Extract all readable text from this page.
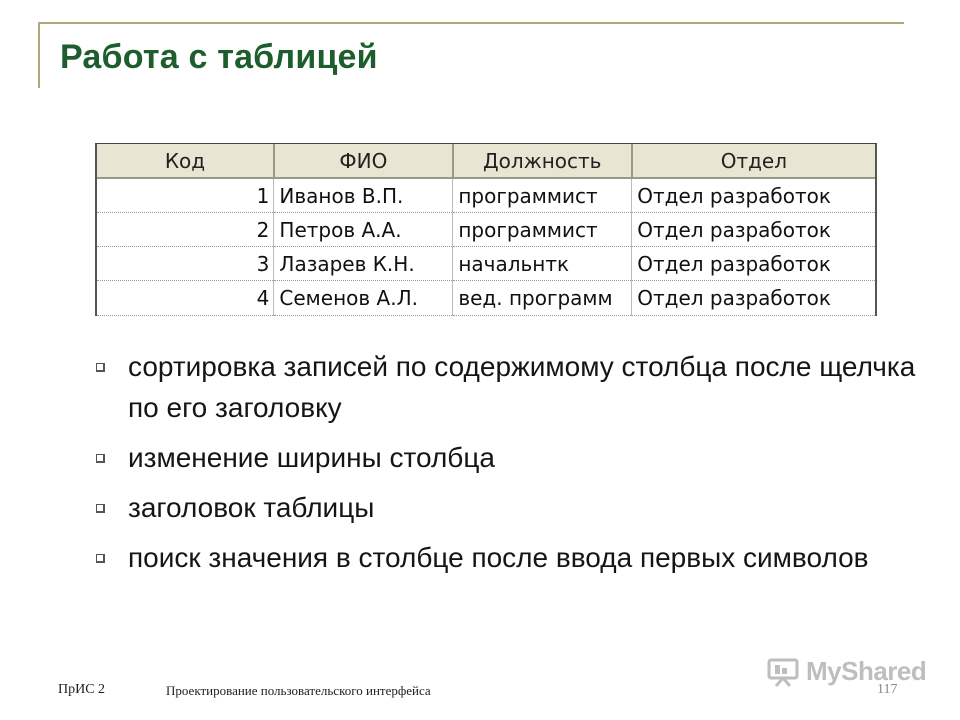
Работа с таблицей
Код	ФИО	Должность	Отдел
1	Иванов В.П.	программист	Отдел разработок
2	Петров А.А.	программист	Отдел разработок
3	Лазарев К.Н.	начальнтк	Отдел разработок
4	Семенов А.Л.	вед. программ	Отдел разработок
сортировка записей по содержимому столбца после щелчка по его заголовку
изменение ширины столбца
заголовок таблицы
поиск значения в столбце после ввода первых символов
ПрИС 2	Проектирование пользовательского интерфейса	117
MyShared
